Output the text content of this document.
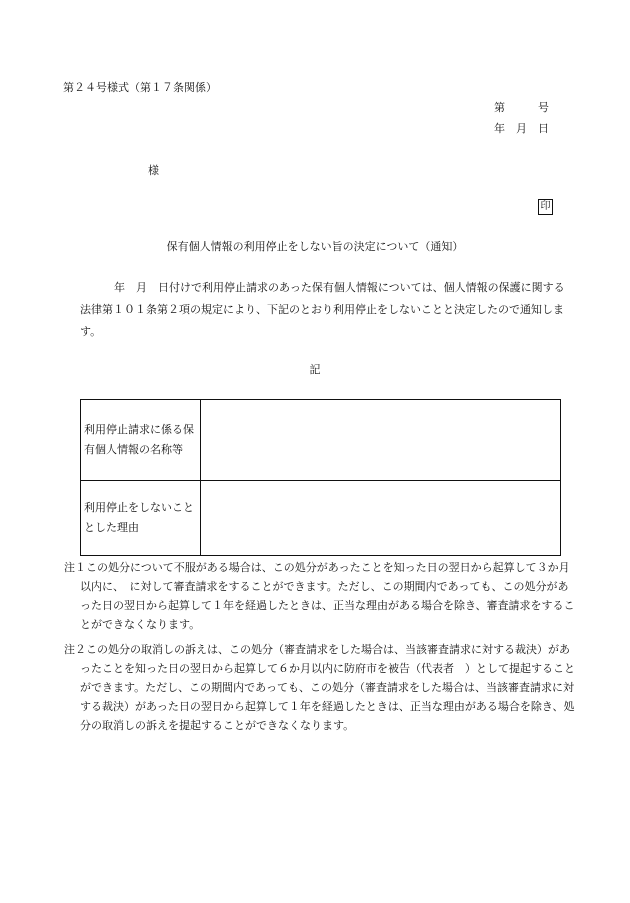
第２４号様式（第１７条関係）
第　　　号
年　月　日
様
印
保有個人情報の利用停止をしない旨の決定について（通知）
年　月　日付けで利用停止請求のあった保有個人情報については、個人情報の保護に関する法律第１０１条第２項の規定により、下記のとおり利用停止をしないことと決定したので通知します。
記
利用停止請求に係る保有個人情報の名称等	
利用停止をしないこととした理由	
注１この処分について不服がある場合は、この処分があったことを知った日の翌日から起算して３か月以内に、　に対して審査請求をすることができます。ただし、この期間内であっても、この処分があった日の翌日から起算して１年を経過したときは、正当な理由がある場合を除き、審査請求をすることができなくなります。
注２この処分の取消しの訴えは、この処分（審査請求をした場合は、当該審査請求に対する裁決）があったことを知った日の翌日から起算して６か月以内に防府市を被告（代表者　）として提起することができます。ただし、この期間内であっても、この処分（審査請求をした場合は、当該審査請求に対する裁決）があった日の翌日から起算して１年を経過したときは、正当な理由がある場合を除き、処分の取消しの訴えを提起することができなくなります。
